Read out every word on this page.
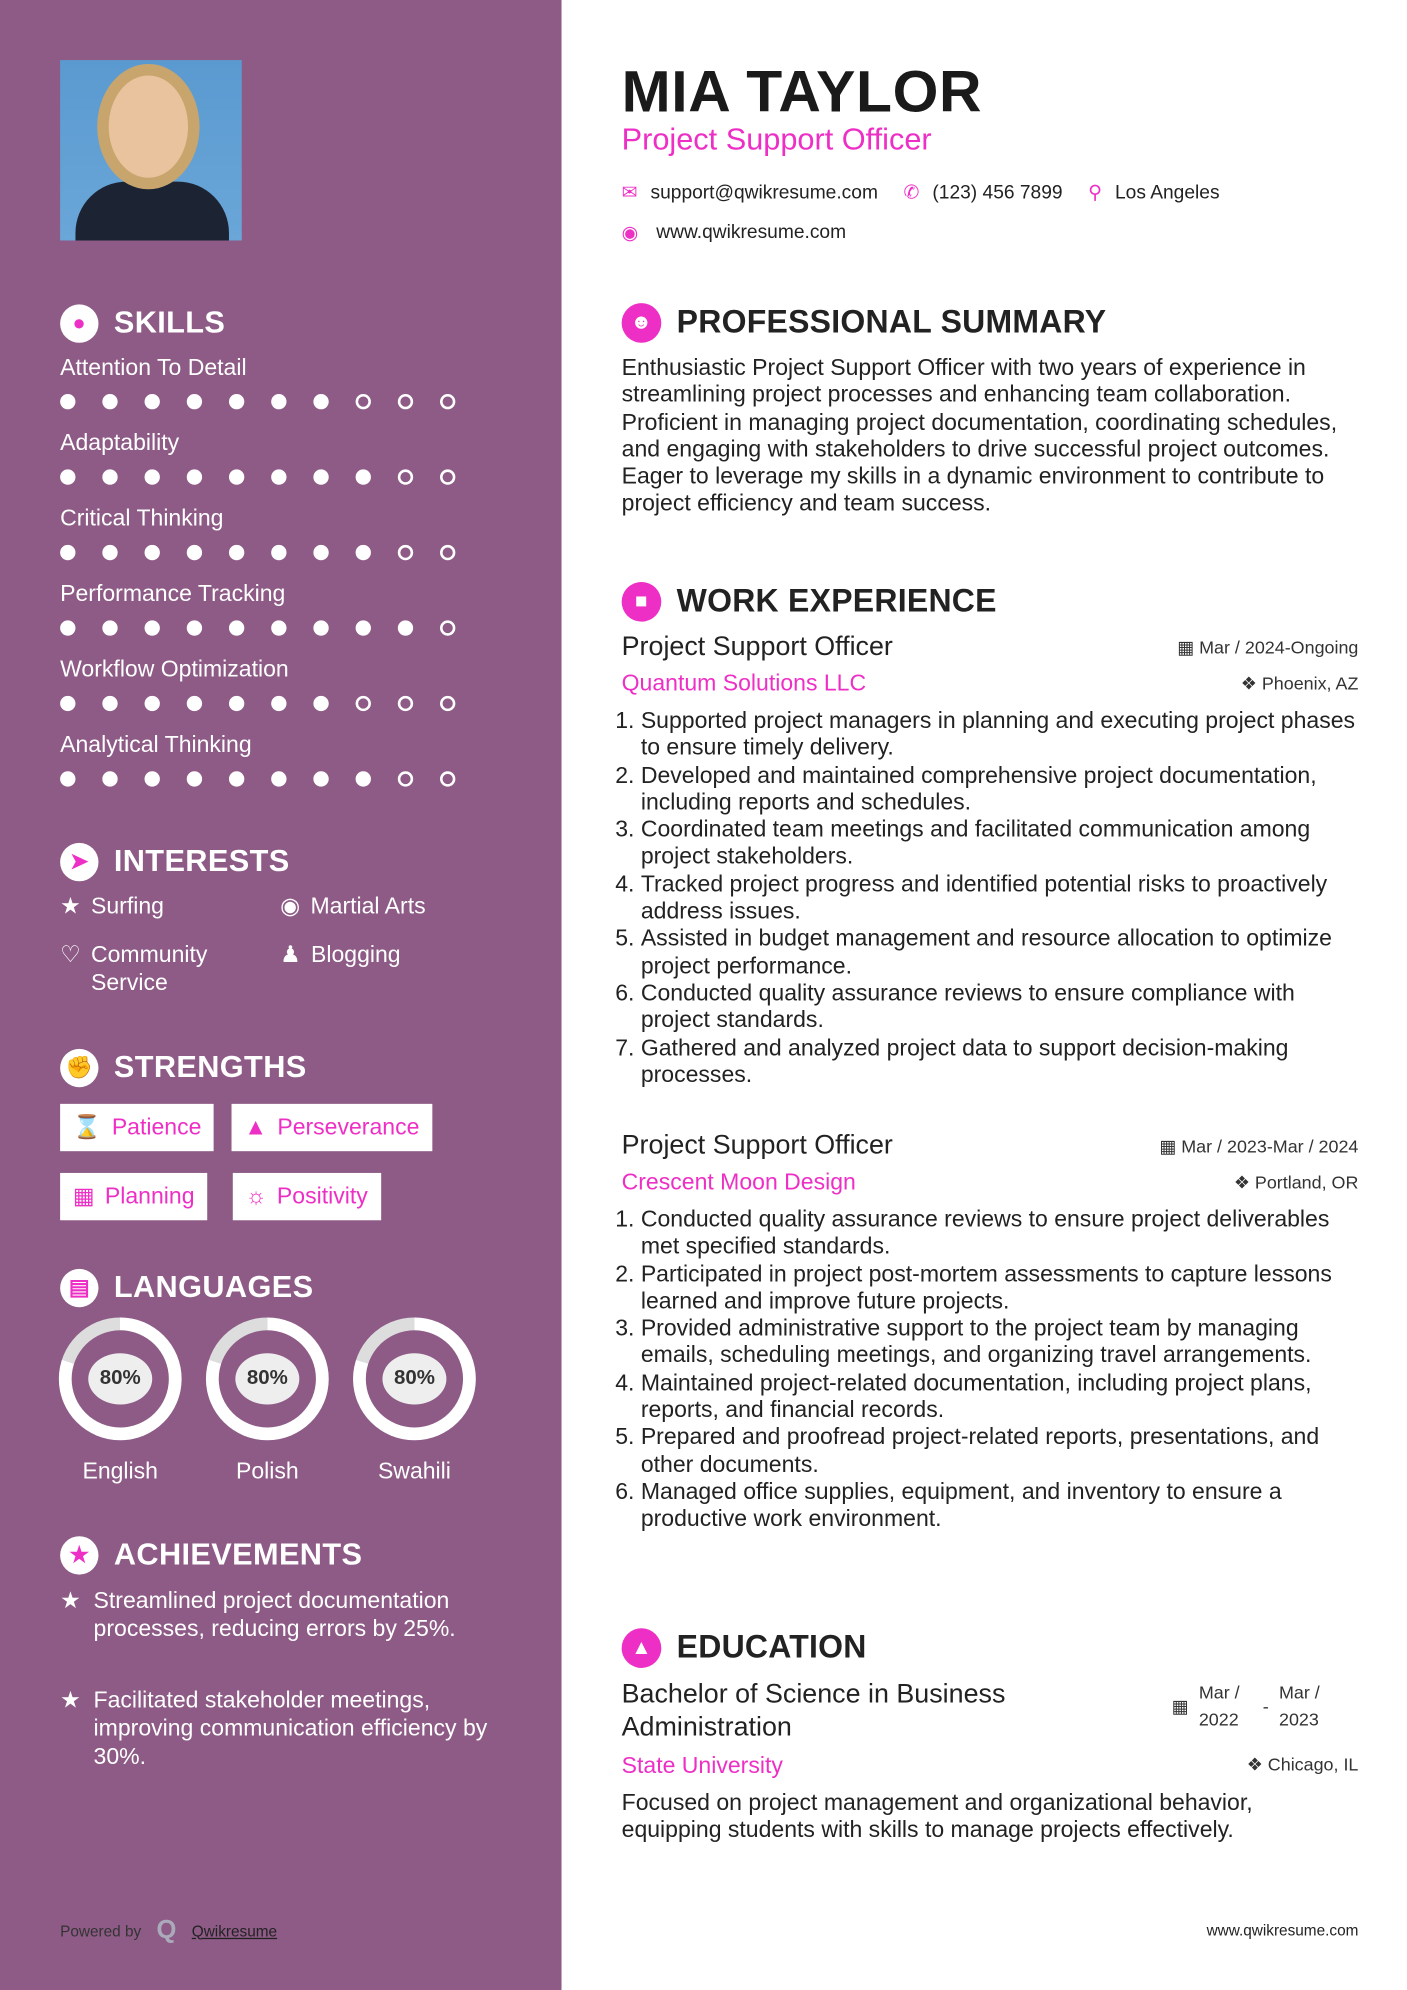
●	SKILLS
Attention To Detail
Adaptability
Critical Thinking
Performance Tracking
Workflow Optimization
Analytical Thinking
➤	INTERESTS
★ Surfing	◉ Martial Arts
♡ Community Service
♟ Blogging
✊ STRENGTHS
⌛ Patience ▲ Perseverance
▦ Planning	☼ Positivity
▤	LANGUAGES
80%
English
80%
Polish
80%
Swahili
★	ACHIEVEMENTS
★ Streamlined project documentation processes, reducing errors by 25%.
★ Facilitated stakeholder meetings, improving communication efficiency by 30%.
Powered by Q Qwikresume
MIA TAYLOR
Project Support Officer
✉ support@qwikresume.com ✆ (123) 456 7899 ⚲ Los Angeles
◉ www.qwikresume.com
☻ PROFESSIONAL SUMMARY
Enthusiastic Project Support Officer with two years of experience in streamlining project processes and enhancing team collaboration. Proficient in managing project documentation, coordinating schedules, and engaging with stakeholders to drive successful project outcomes. Eager to leverage my skills in a dynamic environment to contribute to project efficiency and team success.
■	WORK EXPERIENCE
Project Support Officer	▦ Mar / 2024-Ongoing
Quantum Solutions LLC	❖ Phoenix, AZ
1. Supported project managers in planning and executing project phases to ensure timely delivery.
2. Developed and maintained comprehensive project documentation, including reports and schedules.
3. Coordinated team meetings and facilitated communication among project stakeholders.
4. Tracked project progress and identified potential risks to proactively address issues.
5. Assisted in budget management and resource allocation to optimize project performance.
6. Conducted quality assurance reviews to ensure compliance with project standards.
7. Gathered and analyzed project data to support decision-making processes.
Project Support Officer	▦ Mar / 2023-Mar / 2024
Crescent Moon Design	❖ Portland, OR
1. Conducted quality assurance reviews to ensure project deliverables met specified standards.
2. Participated in project post-mortem assessments to capture lessons learned and improve future projects.
3. Provided administrative support to the project team by managing emails, scheduling meetings, and organizing travel arrangements.
4. Maintained project-related documentation, including project plans, reports, and financial records.
5. Prepared and proofread project-related reports, presentations, and other documents.
6. Managed office supplies, equipment, and inventory to ensure a productive work environment.
▲ EDUCATION
Bachelor of Science in Business Administration
▦
Mar / 2022
-
Mar / 2023
State University	❖ Chicago, IL
Focused on project management and organizational behavior, equipping students with skills to manage projects effectively.
www.qwikresume.com
